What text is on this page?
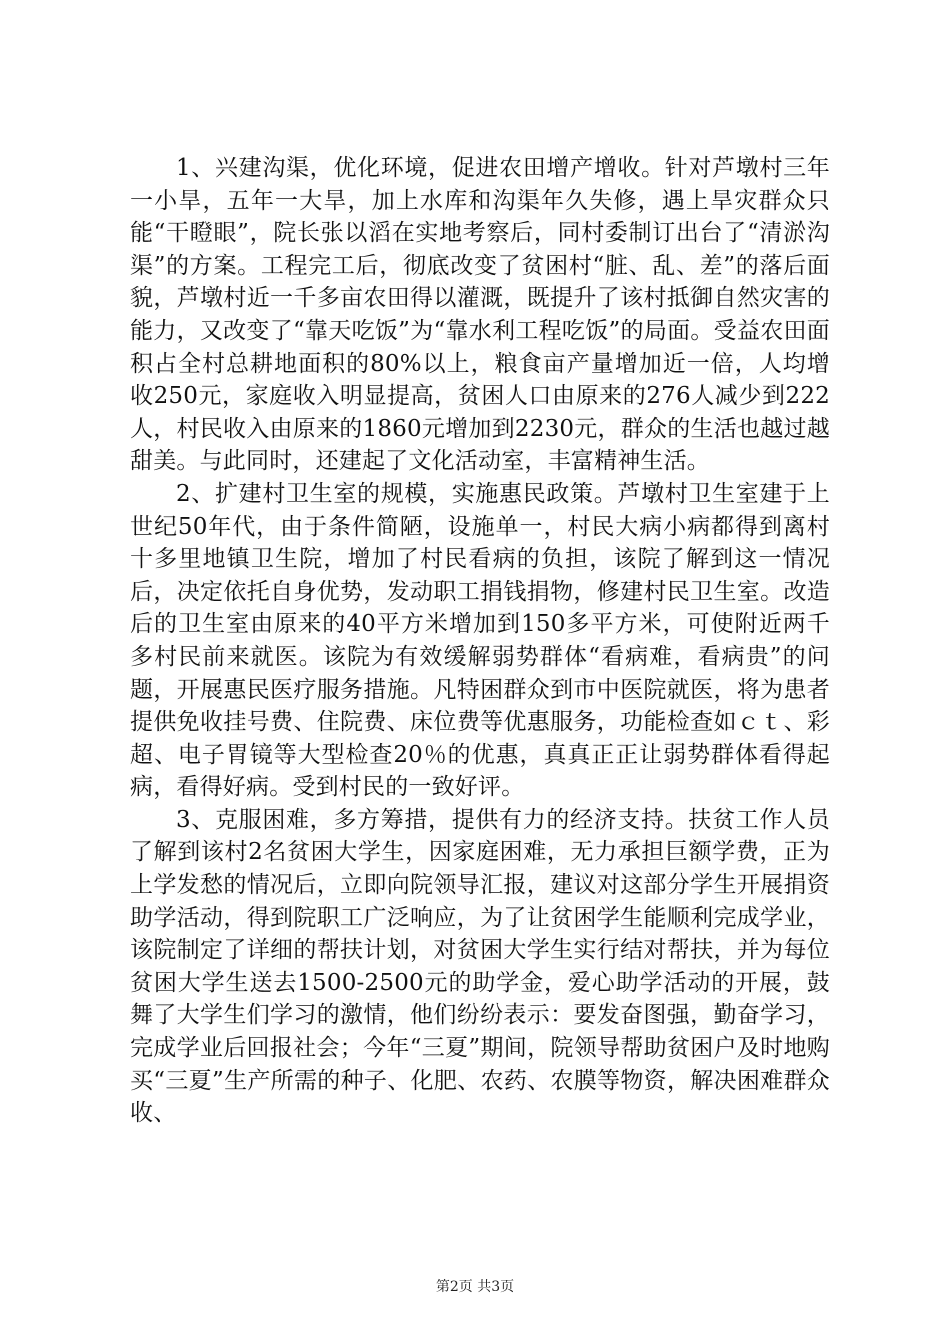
1、兴建沟渠，优化环境，促进农田增产增收。针对芦墩村三年一小旱，五年一大旱，加上水库和沟渠年久失修，遇上旱灾群众只能“干瞪眼”，院长张以滔在实地考察后，同村委制订出台了“清淤沟渠”的方案。工程完工后，彻底改变了贫困村“脏、乱、差”的落后面貌，芦墩村近一千多亩农田得以灌溉，既提升了该村抵御自然灾害的能力，又改变了“靠天吃饭”为“靠水利工程吃饭”的局面。受益农田面积占全村总耕地面积的80%以上，粮食亩产量增加近一倍，人均增收250元，家庭收入明显提高，贫困人口由原来的276人减少到222人，村民收入由原来的1860元增加到2230元，群众的生活也越过越甜美。与此同时，还建起了文化活动室，丰富精神生活。

2、扩建村卫生室的规模，实施惠民政策。芦墩村卫生室建于上世纪50年代，由于条件简陋，设施单一，村民大病小病都得到离村十多里地镇卫生院，增加了村民看病的负担，该院了解到这一情况后，决定依托自身优势，发动职工捐钱捐物，修建村民卫生室。改造后的卫生室由原来的40平方米增加到150多平方米，可使附近两千多村民前来就医。该院为有效缓解弱势群体“看病难，看病贵”的问题，开展惠民医疗服务措施。凡特困群众到市中医院就医，将为患者提供免收挂号费、住院费、床位费等优惠服务，功能检查如ｃｔ、彩超、电子胃镜等大型检查20％的优惠，真真正正让弱势群体看得起病，看得好病。受到村民的一致好评。

3、克服困难，多方筹措，提供有力的经济支持。扶贫工作人员了解到该村2名贫困大学生，因家庭困难，无力承担巨额学费，正为上学发愁的情况后，立即向院领导汇报，建议对这部分学生开展捐资助学活动，得到院职工广泛响应，为了让贫困学生能顺利完成学业，该院制定了详细的帮扶计划，对贫困大学生实行结对帮扶，并为每位贫困大学生送去1500-2500元的助学金，爱心助学活动的开展，鼓舞了大学生们学习的激情，他们纷纷表示：要发奋图强，勤奋学习，完成学业后回报社会；今年“三夏”期间，院领导帮助贫困户及时地购买“三夏”生产所需的种子、化肥、农药、农膜等物资，解决困难群众收、

第2页 共3页
